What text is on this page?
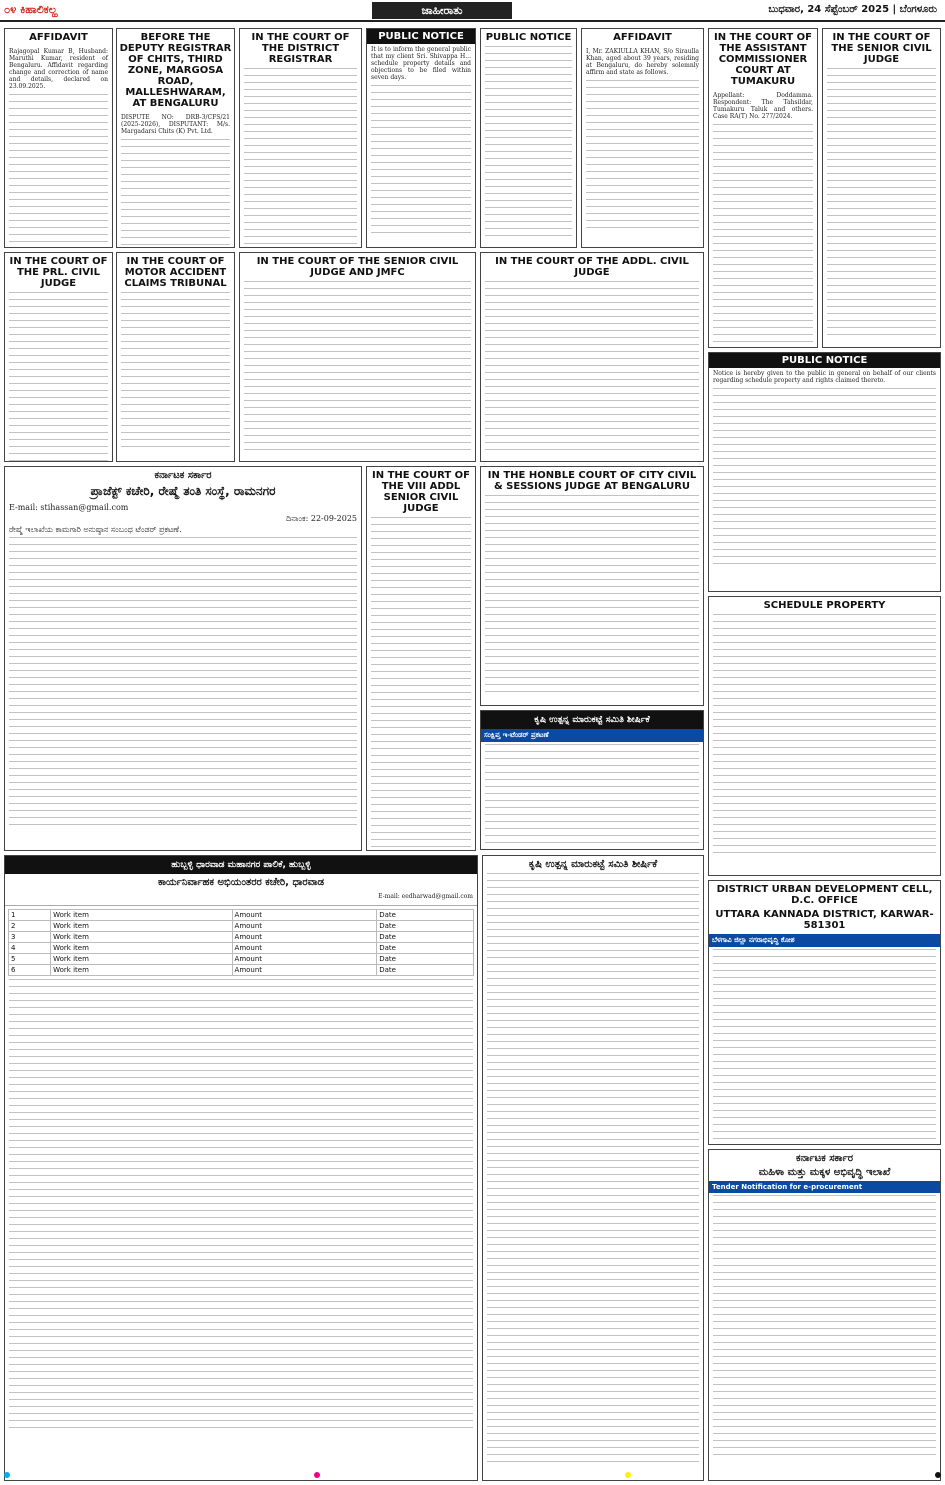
೦೪ ಕಿಹಾಲಿಕಲ್ಹ	ಜಾಹೀರಾತು	ಬುಧವಾರ, 24 ಸೆಪ್ಟೆಂಬರ್ 2025 | ಬೆಂಗಳೂರು
AFFIDAVIT
Rajagopal Kumar B, Husband: Maruthi Kumar, resident of Bengaluru. Affidavit regarding change and correction of name and details, declared on 23.09.2025.
BEFORE THE DEPUTY REGISTRAR OF CHITS, THIRD ZONE, MARGOSA ROAD, MALLESHWARAM, AT BENGALURU
DISPUTE NO: DRB-3/CFS/21 (2025-2026), DISPUTANT: M/s. Margadarsi Chits (K) Pvt. Ltd.
IN THE COURT OF THE DISTRICT REGISTRAR
PUBLIC NOTICE
It is to inform the general public that my client Sri. Shivappa H... schedule property details and objections to be filed within seven days.
PUBLIC NOTICE	AFFIDAVIT
I, Mr. ZAKIULLA KHAN, S/o Siraulla Khan, aged about 39 years, residing at Bengaluru, do hereby solemnly affirm and state as follows.
IN THE COURT OF THE ASSISTANT COMMISSIONER COURT AT TUMAKURU
Appellant: Doddamma. Respondent: The Tahsildar, Tumakuru Taluk and others. Case RA(T) No. 277/2024.
IN THE COURT OF THE SENIOR CIVIL JUDGE
IN THE COURT OF THE PRL. CIVIL JUDGE
IN THE COURT OF MOTOR ACCIDENT CLAIMS TRIBUNAL
IN THE COURT OF THE SENIOR CIVIL JUDGE AND JMFC
IN THE COURT OF THE ADDL. CIVIL JUDGE
PUBLIC NOTICE
Notice is hereby given to the public in general on behalf of our clients regarding schedule property and rights claimed thereto.
ಕರ್ನಾಟಕ ಸರ್ಕಾರ
ಪ್ರಾಜೆಕ್ಟ್ ಕಚೇರಿ, ರೇಷ್ಮೆ ತಂತಿ ಸಂಸ್ಥೆ, ರಾಮನಗರ
E-mail: stihassan@gmail.com
ದಿನಾಂಕ: 22-09-2025
ರೇಷ್ಮೆ ಇಲಾಖೆಯ ಕಾಮಗಾರಿ ಅನುಷ್ಠಾನ ಸಂಬಂಧ ಟೆಂಡರ್ ಪ್ರಕಟಣೆ.
IN THE COURT OF THE VIII ADDL SENIOR CIVIL JUDGE
IN THE HONBLE COURT OF CITY CIVIL & SESSIONS JUDGE AT BENGALURU
ಕೃಷಿ ಉತ್ಪನ್ನ ಮಾರುಕಟ್ಟೆ ಸಮಿತಿ ಶೀರ್ಷಿಕೆ
ಸಂಕ್ಷಿಪ್ತ ಇ-ಟೆಂಡರ್ ಪ್ರಕಟಣೆ
SCHEDULE PROPERTY
ಹುಬ್ಬಳ್ಳಿ ಧಾರವಾಡ ಮಹಾನಗರ ಪಾಲಿಕೆ, ಹುಬ್ಬಳ್ಳಿ
ಕಾರ್ಯನಿರ್ವಾಹಕ ಅಭಿಯಂತರರ ಕಚೇರಿ, ಧಾರವಾಡ
E-mail: eedharwad@gmail.com
1	Work item	Amount	Date
2	Work item	Amount	Date
3	Work item	Amount	Date
4	Work item	Amount	Date
5	Work item	Amount	Date
6	Work item	Amount	Date
ಕೃಷಿ ಉತ್ಪನ್ನ ಮಾರುಕಟ್ಟೆ ಸಮಿತಿ ಶೀರ್ಷಿಕೆ
DISTRICT URBAN DEVELOPMENT CELL, D.C. OFFICE
UTTARA KANNADA DISTRICT, KARWAR-581301
ಬೆಳಗಾವಿ ಜಿಲ್ಲಾ ನಗರಾಭಿವೃದ್ಧಿ ಕೋಶ
ಕರ್ನಾಟಕ ಸರ್ಕಾರ
ಮಹಿಳಾ ಮತ್ತು ಮಕ್ಕಳ ಅಭಿವೃದ್ಧಿ ಇಲಾಖೆ
Tender Notification for e-procurement
